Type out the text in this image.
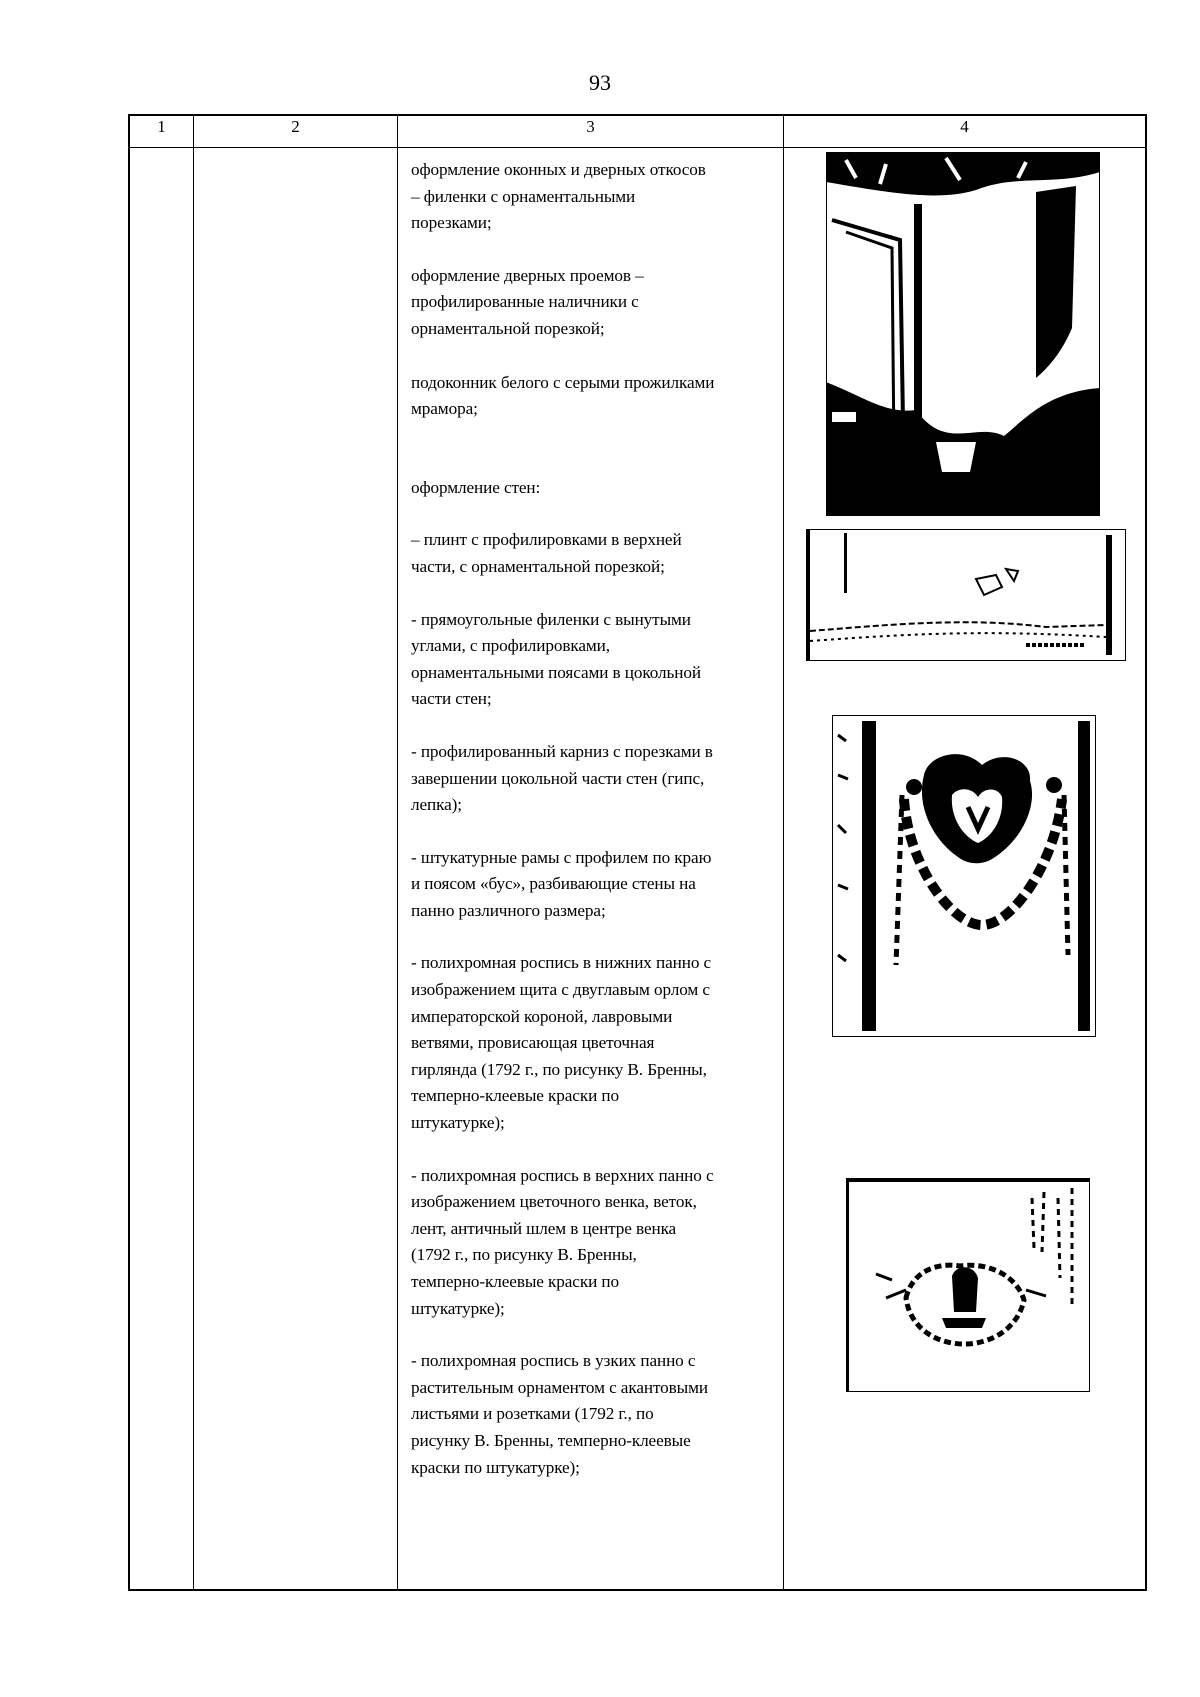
93
1	2	3	4

оформление оконных и дверных откосов
– филенки с орнаментальными
порезками;

оформление дверных проемов –
профилированные наличники с
орнаментальной порезкой;

подоконник белого с серыми прожилками
мрамора;

оформление стен:

– плинт с профилировками в верхней
части, с орнаментальной порезкой;

- прямоугольные филенки с вынутыми
углами, с профилировками,
орнаментальными поясами в цокольной
части стен;

- профилированный карниз с порезками в
завершении цокольной части стен (гипс,
лепка);

- штукатурные рамы с профилем по краю
и поясом «бус», разбивающие стены на
панно различного размера;

- полихромная роспись в нижних панно с
изображением щита с двуглавым орлом с
императорской короной, лавровыми
ветвями, провисающая цветочная
гирлянда (1792 г., по рисунку В. Бренны,
темперно-клеевые краски по
штукатурке);

- полихромная роспись в верхних панно с
изображением цветочного венка, веток,
лент, античный шлем в центре венка
(1792 г., по рисунку В. Бренны,
темперно-клеевые краски по
штукатурке);

- полихромная роспись в узких панно с
растительным орнаментом с акантовыми
листьями и розетками (1792 г., по
рисунку В. Бренны, темперно-клеевые
краски по штукатурке);
